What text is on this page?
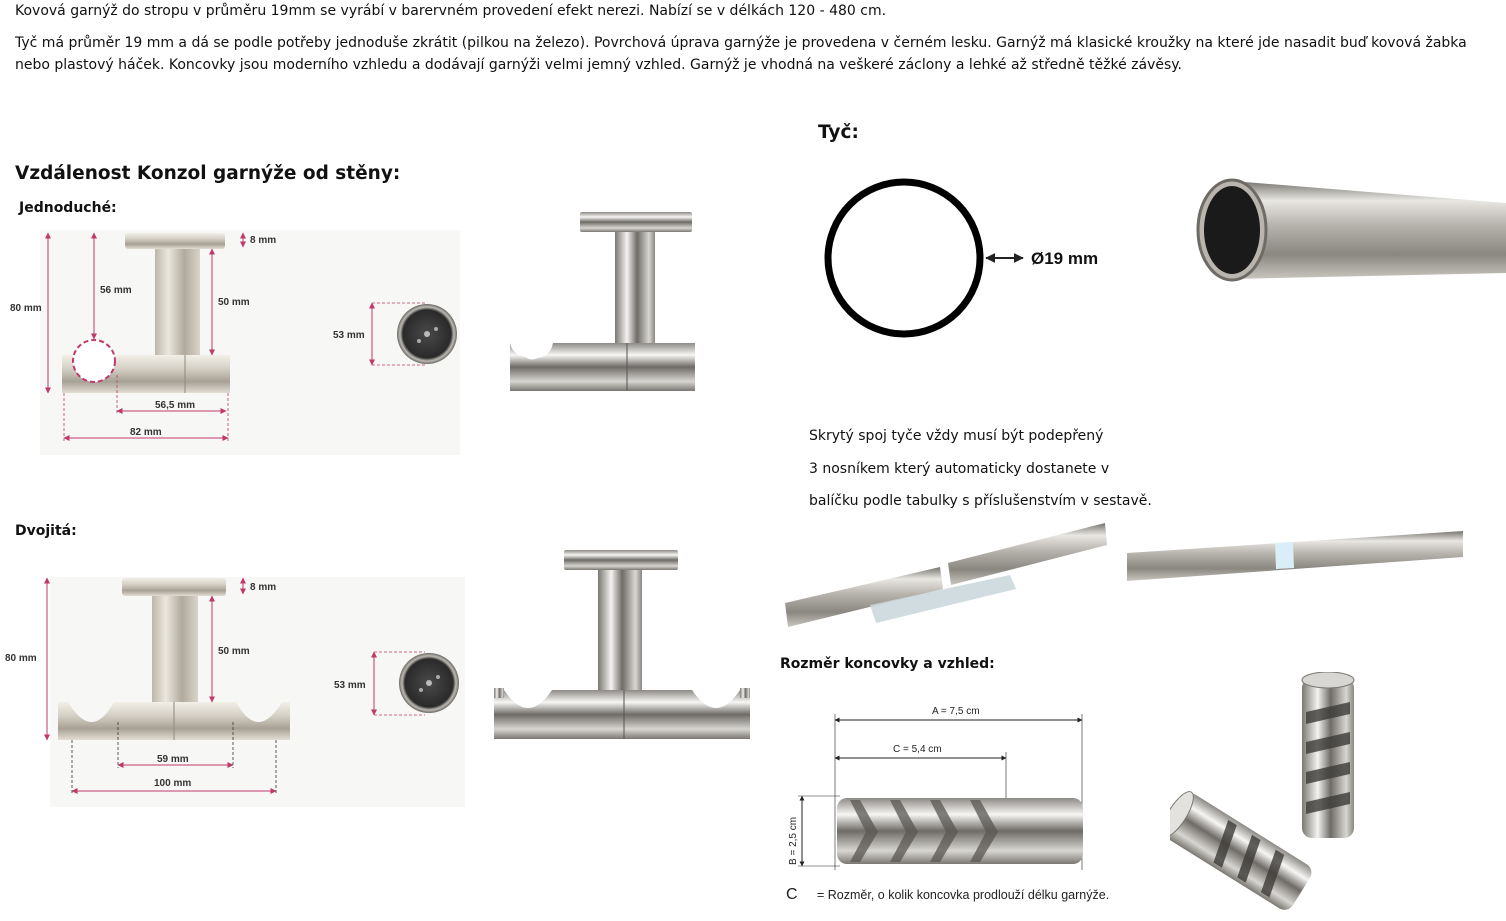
Kovová garnýž do stropu v průměru 19mm se vyrábí v barervném provedení efekt nerezi. Nabízí se v délkách 120 - 480 cm.

Tyč má průměr 19 mm a dá se podle potřeby jednoduše zkrátit (pilkou na železo). Povrchová úprava garnýže je provedena v černém lesku. Garnýž má klasické kroužky na které jde nasadit buď kovová žabka

nebo plastový háček. Koncovky jsou moderního vzhledu a dodávají garnýži velmi jemný vzhled. Garnýž je vhodná na veškeré záclony a lehké až středně těžké závěsy.

Vzdálenost Konzol garnýže od stěny:
Jednoduché:
Dvojitá:
80 mm
56 mm
50 mm
8 mm
56,5 mm
82 mm
53 mm
80 mm
50 mm
8 mm
59 mm
100 mm
53 mm
Tyč:
Ø19 mm
Skrytý spoj tyče vždy musí být podepřený
3 nosníkem který automaticky dostanete v
balíčku podle tabulky s příslušenstvím v sestavě.
Rozměr koncovky a vzhled:
A = 7,5 cm
C = 5,4 cm
B = 2,5 cm
C = Rozměr, o kolik koncovka prodlouží délku garnýže.
